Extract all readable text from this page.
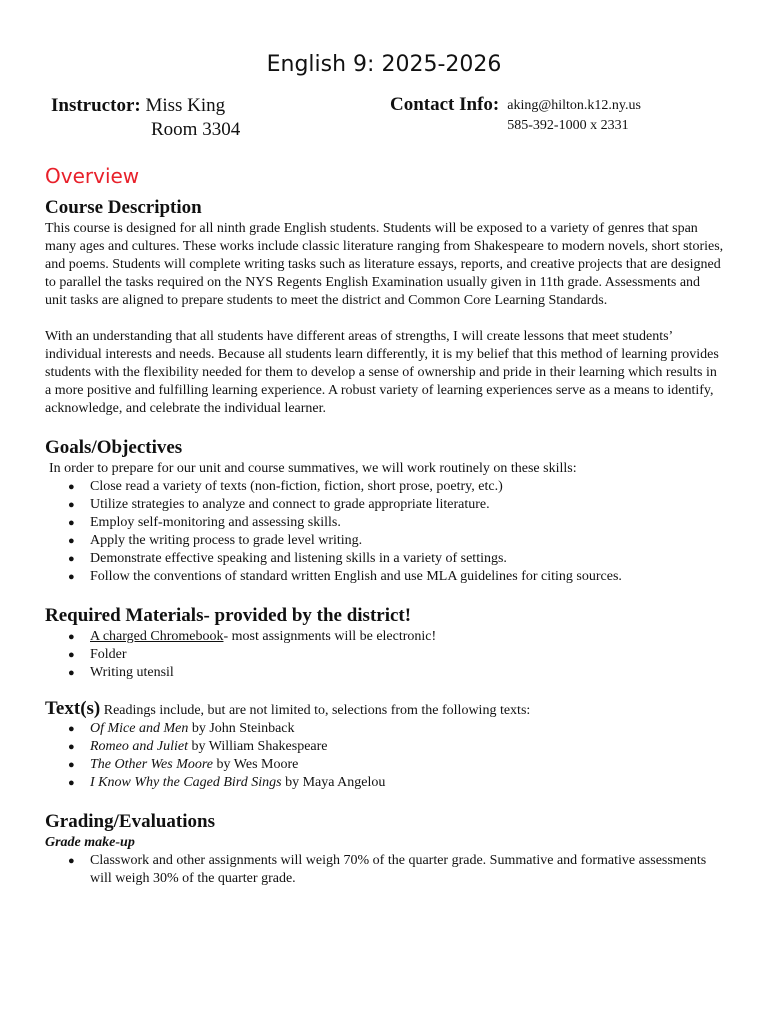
English 9: 2025-2026
Instructor: Miss King
Room 3304
Contact Info: aking@hilton.k12.ny.us
585-392-1000 x 2331
Overview
Course Description

This course is designed for all ninth grade English students. Students will be exposed to a variety of genres that span many ages and cultures. These works include classic literature ranging from Shakespeare to modern novels, short stories, and poems. Students will complete writing tasks such as literature essays, reports, and creative projects that are designed to parallel the tasks required on the NYS Regents English Examination usually given in 11th grade. Assessments and unit tasks are aligned to prepare students to meet the district and Common Core Learning Standards.

With an understanding that all students have different areas of strengths, I will create lessons that meet students’ individual interests and needs. Because all students learn differently, it is my belief that this method of learning provides students with the flexibility needed for them to develop a sense of ownership and pride in their learning which results in a more positive and fulfilling learning experience. A robust variety of learning experiences serve as a means to identify, acknowledge, and celebrate the individual learner.

Goals/Objectives

In order to prepare for our unit and course summatives, we will work routinely on these skills:

● Close read a variety of texts (non-fiction, fiction, short prose, poetry, etc.)
● Utilize strategies to analyze and connect to grade appropriate literature.
● Employ self-monitoring and assessing skills.
● Apply the writing process to grade level writing.
● Demonstrate effective speaking and listening skills in a variety of settings.
● Follow the conventions of standard written English and use MLA guidelines for citing sources.
Required Materials- provided by the district!
● A charged Chromebook- most assignments will be electronic!
● Folder
● Writing utensil
Text(s) Readings include, but are not limited to, selections from the following texts:
● Of Mice and Men by John Steinback
● Romeo and Juliet by William Shakespeare
● The Other Wes Moore by Wes Moore
● I Know Why the Caged Bird Sings by Maya Angelou
Grading/Evaluations
Grade make-up
● Classwork and other assignments will weigh 70% of the quarter grade. Summative and formative assessments will weigh 30% of the quarter grade.
